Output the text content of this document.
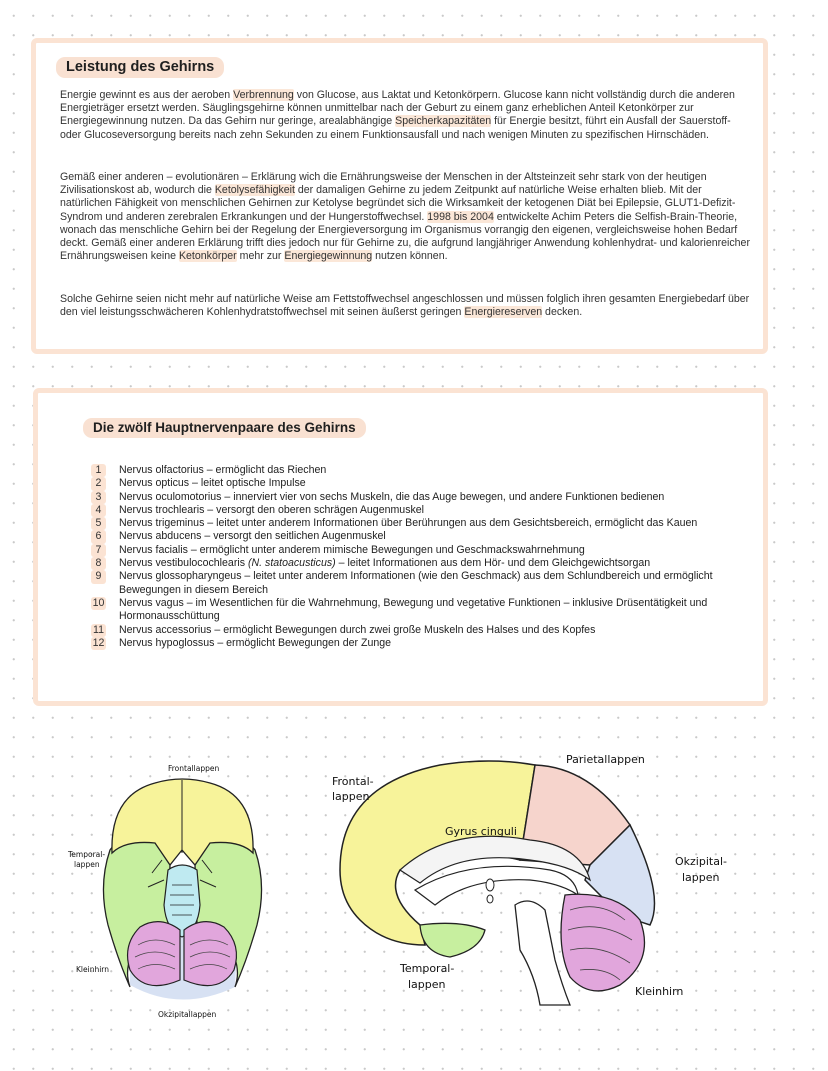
Leistung des Gehirns

Energie gewinnt es aus der aeroben Verbrennung von Glucose, aus Laktat und Ketonkörpern. Glucose kann nicht vollständig durch die anderen Energieträger ersetzt werden. Säuglingsgehirne können unmittelbar nach der Geburt zu einem ganz erheblichen Anteil Ketonkörper zur Energiegewinnung nutzen. Da das Gehirn nur geringe, arealabhängige Speicherkapazitäten für Energie besitzt, führt ein Ausfall der Sauerstoff- oder Glucoseversorgung bereits nach zehn Sekunden zu einem Funktionsausfall und nach wenigen Minuten zu spezifischen Hirnschäden.

Gemäß einer anderen – evolutionären – Erklärung wich die Ernährungsweise der Menschen in der Altsteinzeit sehr stark von der heutigen Zivilisationskost ab, wodurch die Ketolysefähigkeit der damaligen Gehirne zu jedem Zeitpunkt auf natürliche Weise erhalten blieb. Mit der natürlichen Fähigkeit von menschlichen Gehirnen zur Ketolyse begründet sich die Wirksamkeit der ketogenen Diät bei Epilepsie, GLUT1-Defizit-Syndrom und anderen zerebralen Erkrankungen und der Hungerstoffwechsel. 1998 bis 2004 entwickelte Achim Peters die Selfish-Brain-Theorie, wonach das menschliche Gehirn bei der Regelung der Energieversorgung im Organismus vorrangig den eigenen, vergleichsweise hohen Bedarf deckt. Gemäß einer anderen Erklärung trifft dies jedoch nur für Gehirne zu, die aufgrund langjähriger Anwendung kohlenhydrat- und kalorienreicher Ernährungsweisen keine Ketonkörper mehr zur Energiegewinnung nutzen können.

Solche Gehirne seien nicht mehr auf natürliche Weise am Fettstoffwechsel angeschlossen und müssen folglich ihren gesamten Energiebedarf über den viel leistungsschwächeren Kohlenhydratstoffwechsel mit seinen äußerst geringen Energiereserven decken.

Die zwölf Hauptnervenpaare des Gehirns
1	Nervus olfactorius – ermöglicht das Riechen
2	Nervus opticus – leitet optische Impulse
3	Nervus oculomotorius – innerviert vier von sechs Muskeln, die das Auge bewegen, und andere Funktionen bedienen
4	Nervus trochlearis – versorgt den oberen schrägen Augenmuskel
5	Nervus trigeminus – leitet unter anderem Informationen über Berührungen aus dem Gesichtsbereich, ermöglicht das Kauen
6	Nervus abducens – versorgt den seitlichen Augenmuskel
7	Nervus facialis – ermöglicht unter anderem mimische Bewegungen und Geschmackswahrnehmung
8	Nervus vestibulocochlearis (N. statoacusticus) – leitet Informationen aus dem Hör- und dem Gleichgewichtsorgan
9	Nervus glossopharyngeus – leitet unter anderem Informationen (wie den Geschmack) aus dem Schlundbereich und ermöglicht Bewegungen in diesem Bereich
10 Nervus vagus – im Wesentlichen für die Wahrnehmung, Bewegung und vegetative Funktionen – inklusive Drüsentätigkeit und Hormonausschüttung
11 Nervus accessorius – ermöglicht Bewegungen durch zwei große Muskeln des Halses und des Kopfes
12 Nervus hypoglossus – ermöglicht Bewegungen der Zunge
Frontallappen
Temporal-
lappen
Kleinhirn
Okzipitallappen
Frontal-
lappen
Parietallappen
Gyrus cinguli
Okzipital-
lappen
Temporal-
lappen
Kleinhirn
